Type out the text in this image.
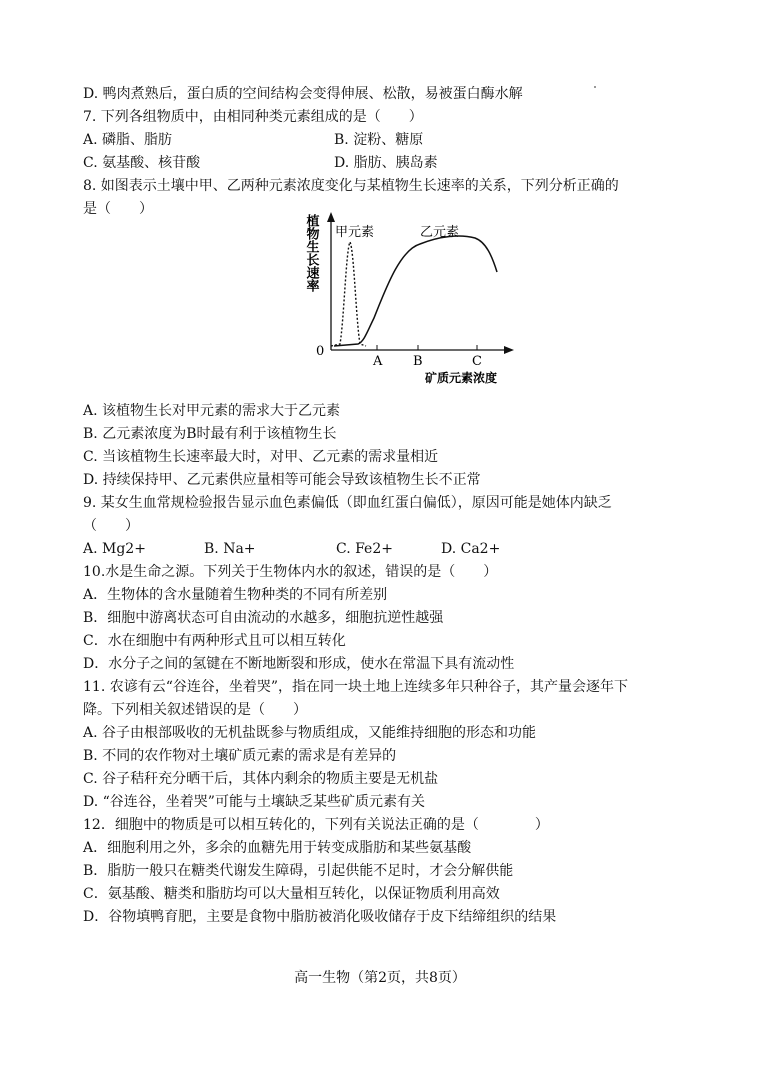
D. 鸭肉煮熟后，蛋白质的空间结构会变得伸展、松散，易被蛋白酶水解
7. 下列各组物质中，由相同种类元素组成的是（　　）
A. 磷脂、脂肪	B. 淀粉、糖原
C. 氨基酸、核苷酸	D. 脂肪、胰岛素
8. 如图表示土壤中甲、乙两种元素浓度变化与某植物生长速率的关系，下列分析正确的
是（　　）
植物生长速率
0
A B	C
矿质元素浓度
甲元素	乙元素
A. 该植物生长对甲元素的需求大于乙元素
B. 乙元素浓度为B时最有利于该植物生长
C. 当该植物生长速率最大时，对甲、乙元素的需求量相近
D. 持续保持甲、乙元素供应量相等可能会导致该植物生长不正常
9. 某女生血常规检验报告显示血色素偏低（即血红蛋白偏低），原因可能是她体内缺乏
（　　）
A. Mg2+	B. Na+	C. Fe2+	D. Ca2+
10.水是生命之源。下列关于生物体内水的叙述，错误的是（　　）
A．生物体的含水量随着生物种类的不同有所差别
B．细胞中游离状态可自由流动的水越多，细胞抗逆性越强
C．水在细胞中有两种形式且可以相互转化
D．水分子之间的氢键在不断地断裂和形成，使水在常温下具有流动性
11. 农谚有云“谷连谷，坐着哭”，指在同一块土地上连续多年只种谷子，其产量会逐年下
降。下列相关叙述错误的是（　　）
A. 谷子由根部吸收的无机盐既参与物质组成，又能维持细胞的形态和功能
B. 不同的农作物对土壤矿质元素的需求是有差异的
C. 谷子秸秆充分晒干后，其体内剩余的物质主要是无机盐
D. “谷连谷，坐着哭”可能与土壤缺乏某些矿质元素有关
12．细胞中的物质是可以相互转化的，下列有关说法正确的是（　　　　）
A．细胞利用之外，多余的血糖先用于转变成脂肪和某些氨基酸
B．脂肪一般只在糖类代谢发生障碍，引起供能不足时，才会分解供能
C．氨基酸、糖类和脂肪均可以大量相互转化，以保证物质利用高效
D．谷物填鸭育肥，主要是食物中脂肪被消化吸收储存于皮下结缔组织的结果
高一生物（第2页，共8页）
